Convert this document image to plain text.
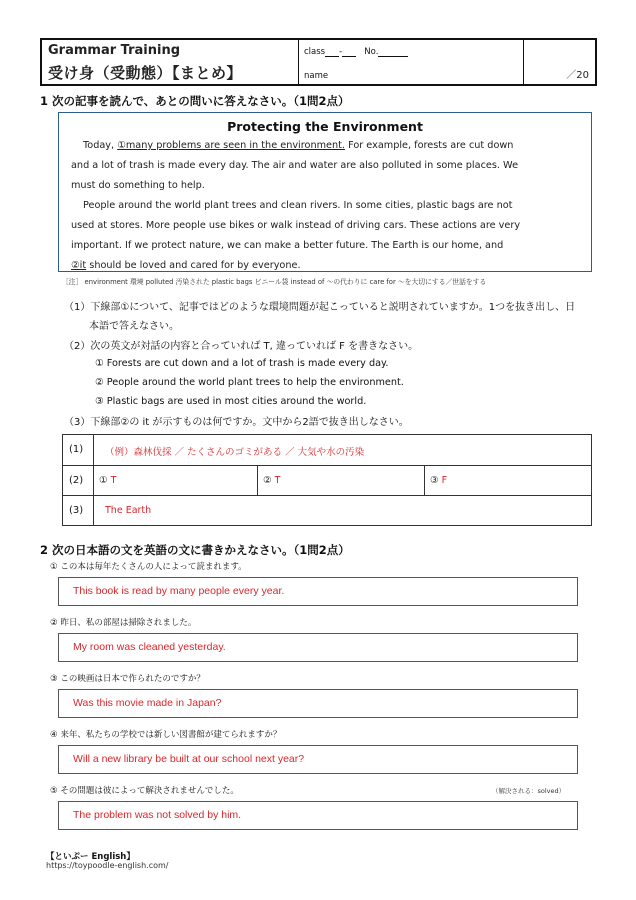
Grammar Training
受け身（受動態）【まとめ】
class -	No.
name	／20
1 次の記事を読んで、あとの問いに答えなさい。（1問2点）
Protecting the Environment
Today, ①many problems are seen in the environment. For example, forests are cut down
and a lot of trash is made every day. The air and water are also polluted in some places. We
must do something to help.
People around the world plant trees and clean rivers. In some cities, plastic bags are not
used at stores. More people use bikes or walk instead of driving cars. These actions are very
important. If we protect nature, we can make a better future. The Earth is our home, and
②it should be loved and cared for by everyone.
［注］ environment 環境 polluted 汚染された plastic bags ビニール袋 instead of ～の代わりに care for ～を大切にする／世話をする
（1）下線部①について、記事ではどのような環境問題が起こっていると説明されていますか。1つを抜き出し、日
本語で答えなさい。
（2）次の英文が対話の内容と合っていれば T, 違っていれば F を書きなさい。
① Forests are cut down and a lot of trash is made every day.
② People around the world plant trees to help the environment.
③ Plastic bags are used in most cities around the world.
（3）下線部②の it が示すものは何ですか。文中から2語で抜き出しなさい。
(1) （例）森林伐採 ／ たくさんのゴミがある ／ 大気や水の汚染
(2) ① T	② T	③ F
(3) The Earth
2 次の日本語の文を英語の文に書きかえなさい。（1問2点）
① この本は毎年たくさんの人によって読まれます。
This book is read by many people every year.
② 昨日、私の部屋は掃除されました。
My room was cleaned yesterday.
③ この映画は日本で作られたのですか？
Was this movie made in Japan?
④ 来年、私たちの学校では新しい図書館が建てられますか？
Will a new library be built at our school next year?
⑤ その問題は彼によって解決されませんでした。	（解決される：solved）
The problem was not solved by him.
【といぷー English】
https://toypoodle-english.com/
